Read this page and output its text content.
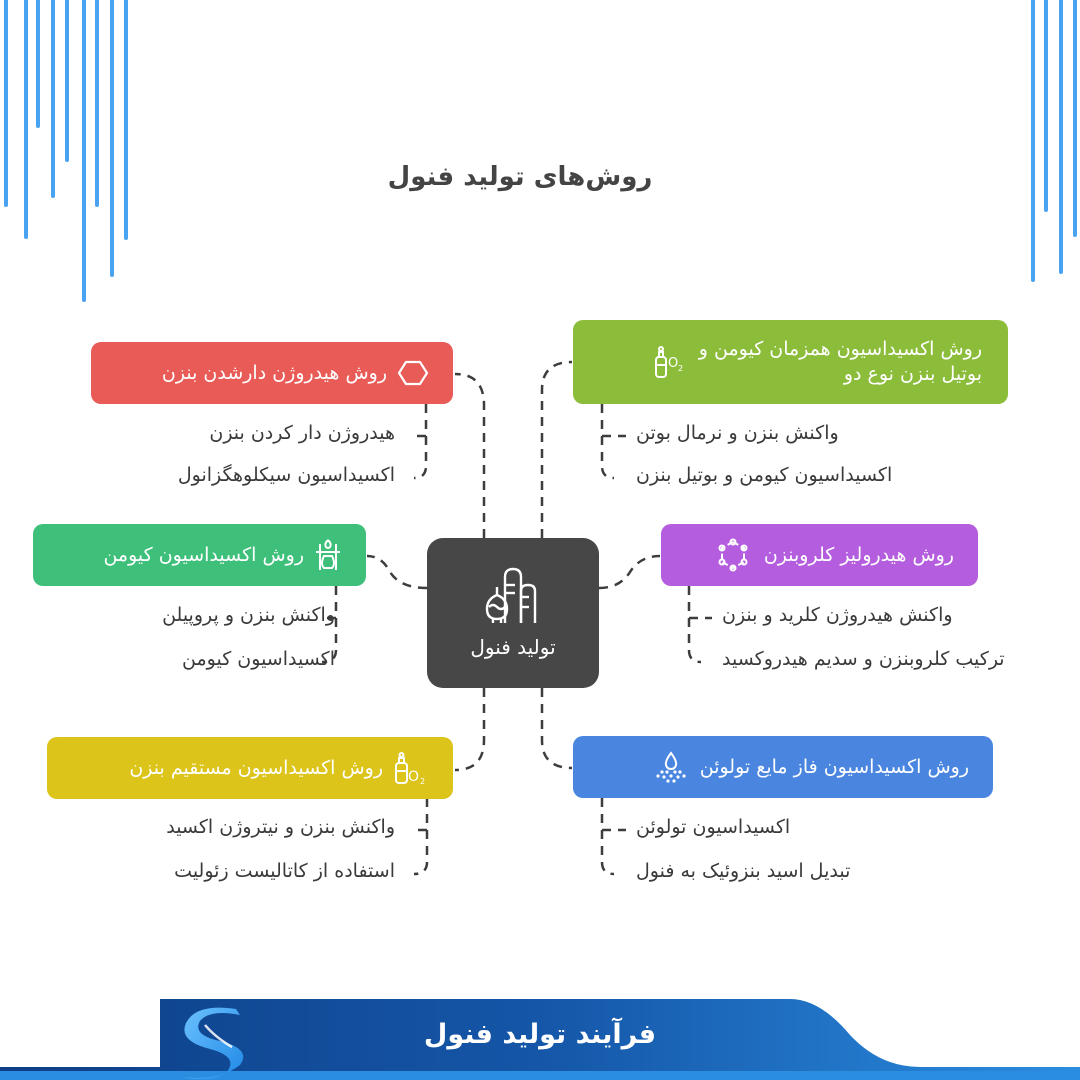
روش‌های تولید فنول
تولید فنول
روش هیدروژن دارشدن بنزن
هیدروژن دار کردن بنزن
اکسیداسیون سیکلوهگزانول
O 2
روش اکسیداسیون همزمان کیومن و
بوتیل بنزن نوع دو
واکنش بنزن و نرمال بوتن
اکسیداسیون کیومن و بوتیل بنزن
روش اکسیداسیون کیومن
واکنش بنزن و پروپیلن
اکسیداسیون کیومن
روش هیدرولیز کلروبنزن
واکنش هیدروژن کلرید و بنزن
ترکیب کلروبنزن و سدیم هیدروکسید
روش اکسیداسیون مستقیم بنزن O 2
واکنش بنزن و نیتروژن اکسید
استفاده از کاتالیست زئولیت
روش اکسیداسیون فاز مایع تولوئن
اکسیداسیون تولوئن
تبدیل اسید بنزوئیک به فنول
فرآیند تولید فنول
